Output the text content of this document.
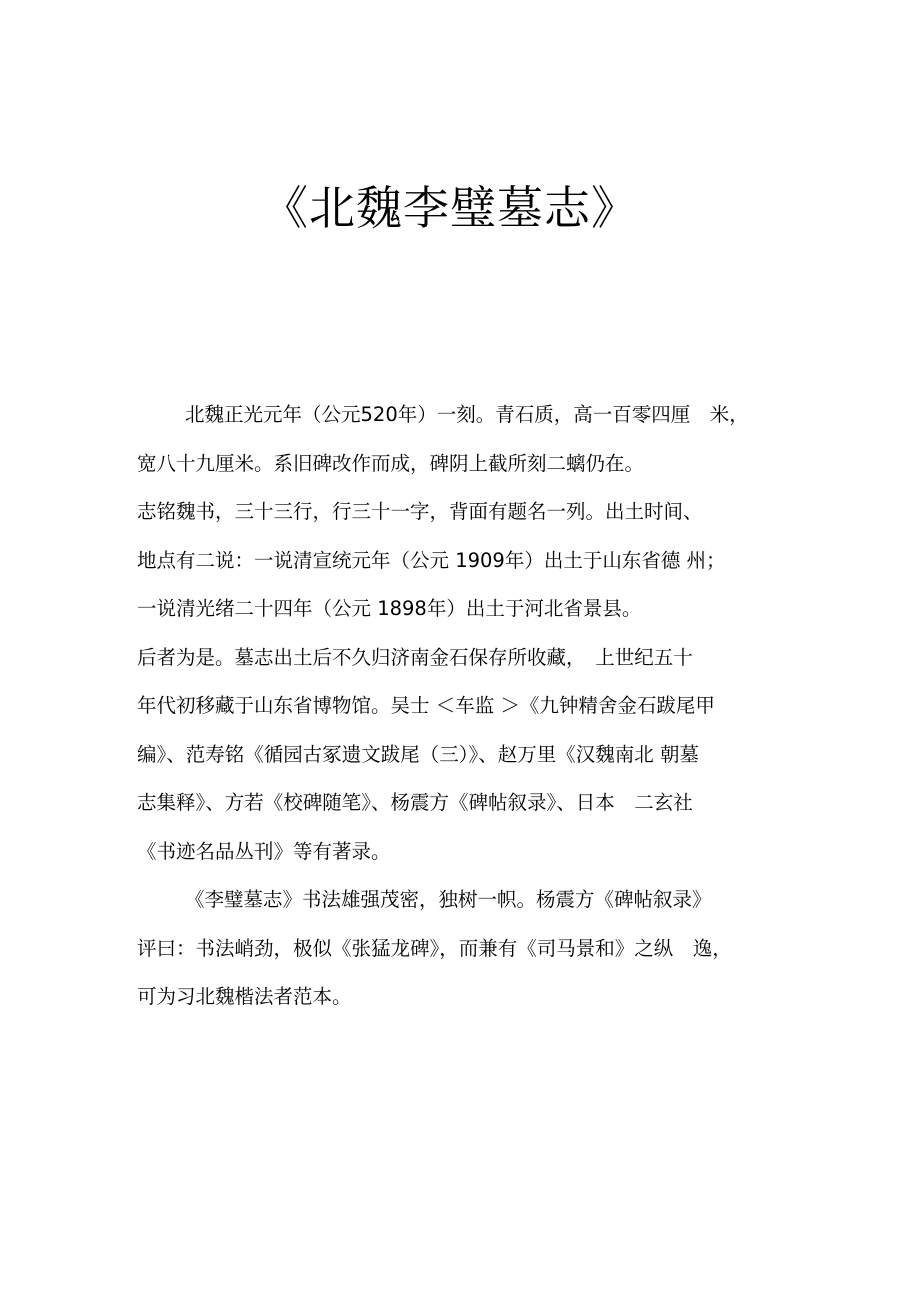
《北魏李璧墓志》
北魏正光元年（公元520年）一刻。青石质，高一百零四厘　米，
宽八十九厘米。系旧碑改作而成，碑阴上截所刻二螭仍在。
志铭魏书，三十三行，行三十一字，背面有题名一列。出土时间、
地点有二说：一说清宣统元年（公元 1909年）出土于山东省德 州；
一说清光绪二十四年（公元 1898年）出土于河北省景县。
后者为是。墓志出土后不久归济南金石保存所收藏，　上世纪五十
年代初移藏于山东省博物馆。吴士 ＜车监 ＞《九钟精舍金石跋尾甲
编》、范寿铭《循园古冢遗文跋尾（三）》、赵万里《汉魏南北 朝墓
志集释》、方若《校碑随笔》、杨震方《碑帖叙录》、日本　二玄社
《书迹名品丛刊》等有著录。
《李璧墓志》书法雄强茂密，独树一帜。杨震方《碑帖叙录》
评曰：书法峭劲，极似《张猛龙碑》，而兼有《司马景和》之纵　逸，
可为习北魏楷法者范本。
